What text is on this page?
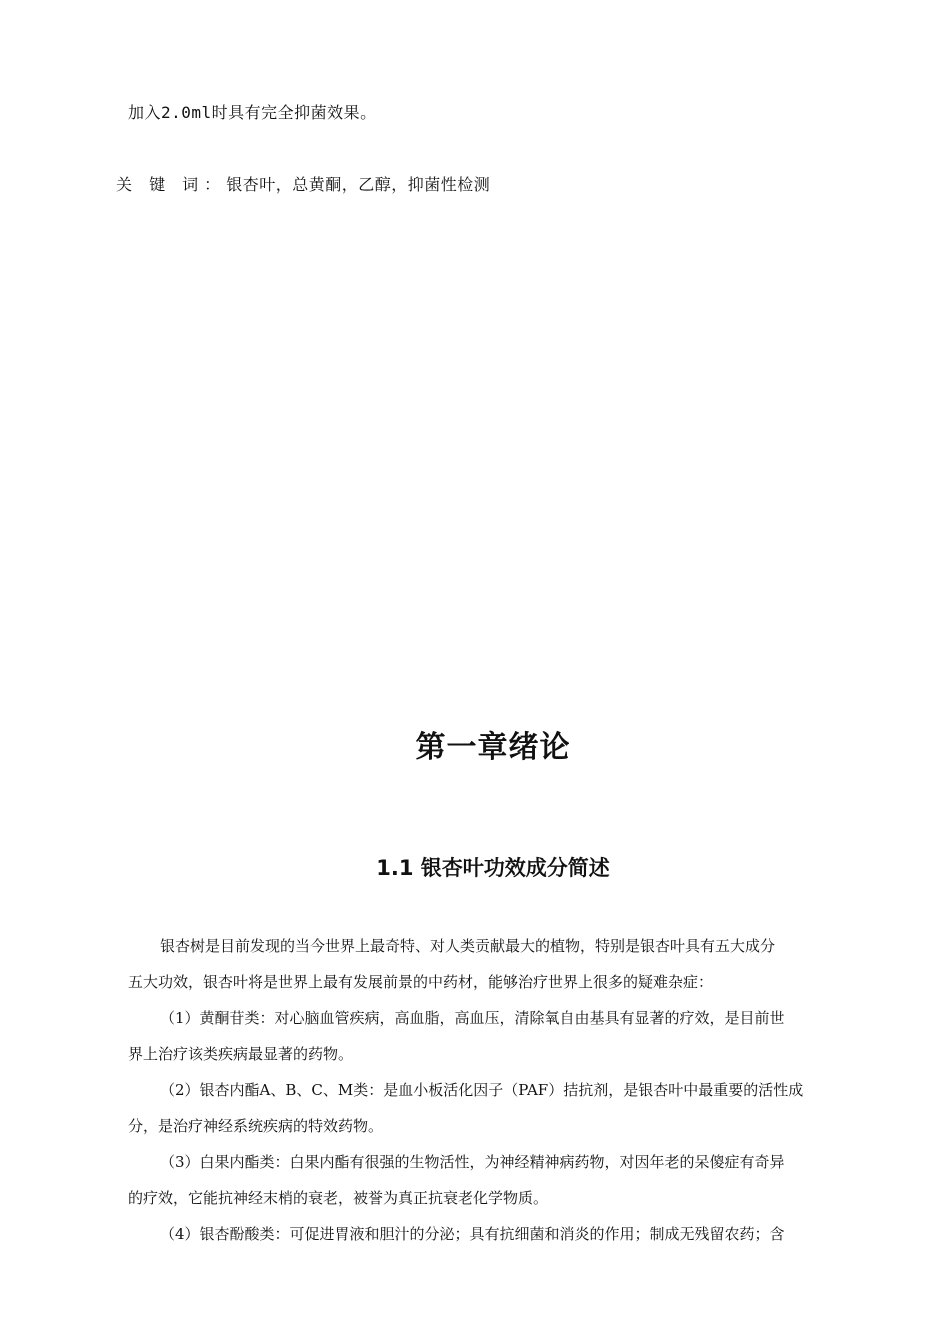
加入2.0ml时具有完全抑菌效果。
关 键 词：银杏叶，总黄酮，乙醇，抑菌性检测
第一章绪论
1.1 银杏叶功效成分简述
银杏树是目前发现的当今世界上最奇特、对人类贡献最大的植物，特别是银杏叶具有五大成分
五大功效，银杏叶将是世界上最有发展前景的中药材，能够治疗世界上很多的疑难杂症：
（1）黄酮苷类：对心脑血管疾病，高血脂，高血压，清除氧自由基具有显著的疗效，是目前世
界上治疗该类疾病最显著的药物。
（2）银杏内酯A、B、C、M类：是血小板活化因子（PAF）拮抗剂，是银杏叶中最重要的活性成
分，是治疗神经系统疾病的特效药物。
（3）白果内酯类：白果内酯有很强的生物活性，为神经精神病药物，对因年老的呆傻症有奇异
的疗效，它能抗神经末梢的衰老，被誉为真正抗衰老化学物质。
（4）银杏酚酸类：可促进胃液和胆汁的分泌；具有抗细菌和消炎的作用；制成无残留农药；含
